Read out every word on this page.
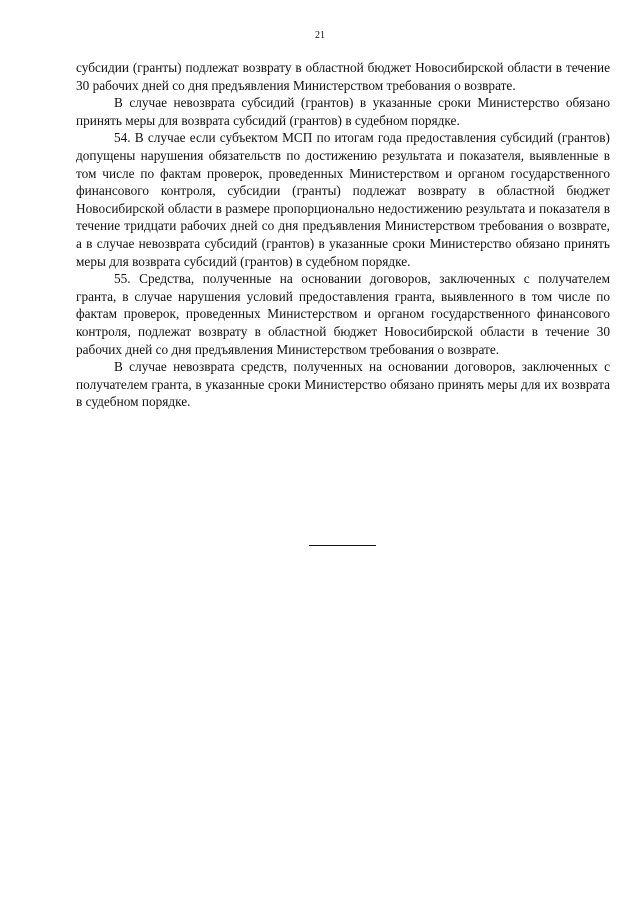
21

субсидии (гранты) подлежат возврату в областной бюджет Новосибирской области в течение 30 рабочих дней со дня предъявления Министерством требования о возврате.

В случае невозврата субсидий (грантов) в указанные сроки Министерство обязано принять меры для возврата субсидий (грантов) в судебном порядке.

54. В случае если субъектом МСП по итогам года предоставления субсидий (грантов) допущены нарушения обязательств по достижению результата и показателя, выявленные в том числе по фактам проверок, проведенных Министерством и органом государственного финансового контроля, субсидии (гранты) подлежат возврату в областной бюджет Новосибирской области в размере пропорционально недостижению результата и показателя в течение тридцати рабочих дней со дня предъявления Министерством требования о возврате, а в случае невозврата субсидий (грантов) в указанные сроки Министерство обязано принять меры для возврата субсидий (грантов) в судебном порядке.

55. Средства, полученные на основании договоров, заключенных с получателем гранта, в случае нарушения условий предоставления гранта, выявленного в том числе по фактам проверок, проведенных Министерством и органом государственного финансового контроля, подлежат возврату в областной бюджет Новосибирской области в течение 30 рабочих дней со дня предъявления Министерством требования о возврате.

В случае невозврата средств, полученных на основании договоров, заключенных с получателем гранта, в указанные сроки Министерство обязано принять меры для их возврата в судебном порядке.
